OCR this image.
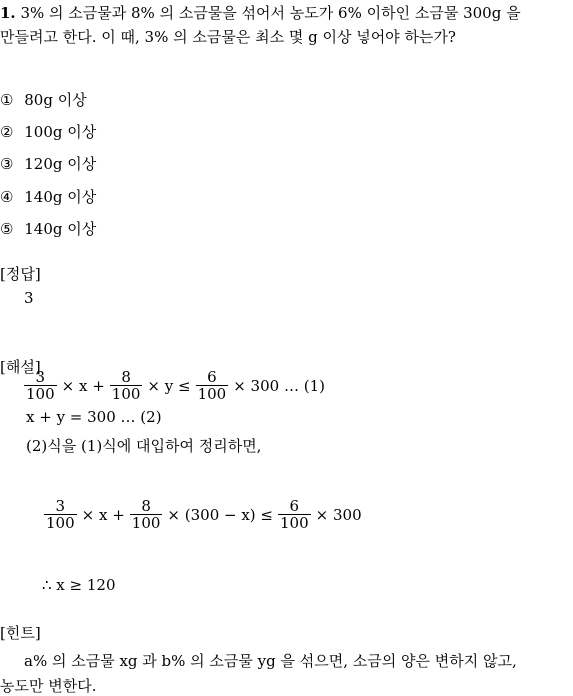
1. 3% 의 소금물과 8% 의 소금물을 섞어서 농도가 6% 이하인 소금물 300g 을
만들려고 한다. 이 때, 3% 의 소금물은 최소 몇 g 이상 넣어야 하는가?
① 80g 이상
② 100g 이상
③ 120g 이상
④ 140g 이상
⑤ 140g 이상
[정답]
3
[해설]
$\frac{3}{100} \times x + \frac{8}{100} \times y \le \frac{6}{100} \times 300$ … (1)
x + y = 300 … (2)
(2)식을 (1)식에 대입하여 정리하면,
$\frac{3}{100} \times x + \frac{8}{100} \times (300 - x) \le \frac{6}{100} \times 300$
∴ x ≥ 120
[힌트]
a% 의 소금물 xg 과 b% 의 소금물 yg 을 섞으면, 소금의 양은 변하지 않고,
농도만 변한다.
